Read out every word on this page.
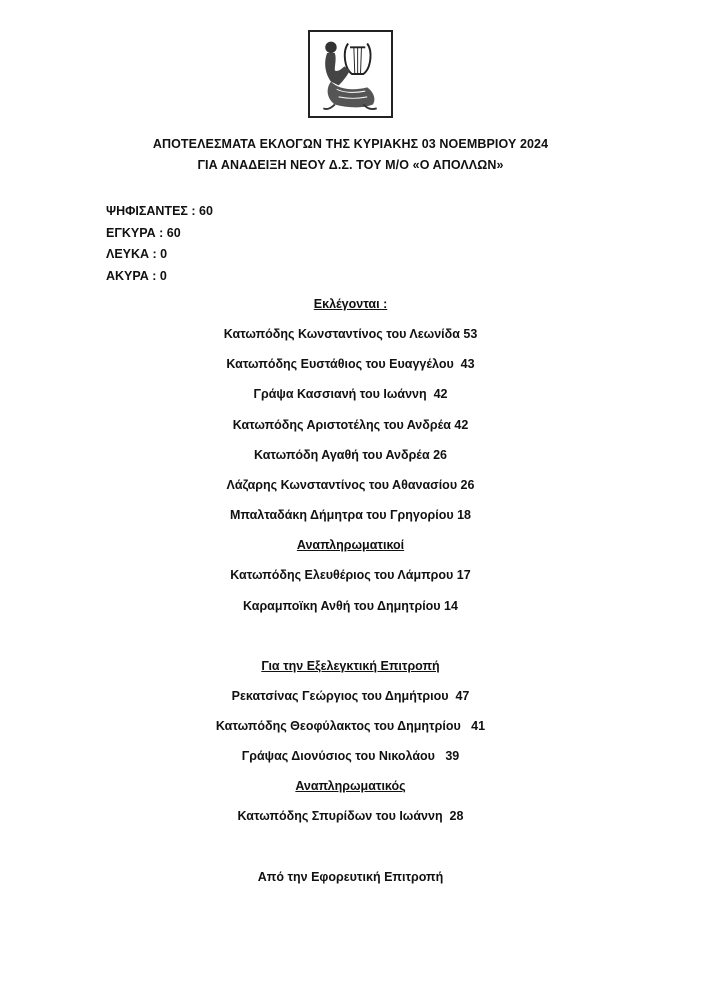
ΑΠΟΤΕΛΕΣΜΑΤΑ ΕΚΛΟΓΩΝ ΤΗΣ ΚΥΡΙΑΚΗΣ 03 ΝΟΕΜΒΡΙΟΥ 2024
ΓΙΑ ΑΝΑΔΕΙΞΗ ΝΕΟΥ Δ.Σ. ΤΟΥ Μ/Ο «Ο ΑΠΟΛΛΩΝ»
ΨΗΦΙΣΑΝΤΕΣ : 60
ΕΓΚΥΡΑ : 60
ΛΕΥΚΑ : 0
ΑΚΥΡΑ : 0
Εκλέγονται :
Κατωπόδης Κωνσταντίνος του Λεωνίδα 53
Κατωπόδης Ευστάθιος του Ευαγγέλου  43
Γράψα Κασσιανή του Ιωάννη  42
Κατωπόδης Αριστοτέλης του Ανδρέα 42
Κατωπόδη Αγαθή του Ανδρέα 26
Λάζαρης Κωνσταντίνος του Αθανασίου 26
Μπαλταδάκη Δήμητρα του Γρηγορίου 18
Αναπληρωματικοί
Κατωπόδης Ελευθέριος του Λάμπρου 17
Καραμποϊκη Ανθή του Δημητρίου 14
Για την Εξελεγκτική Επιτροπή
Ρεκατσίνας Γεώργιος του Δημήτριου  47
Κατωπόδης Θεοφύλακτος του Δημητρίου   41
Γράψας Διονύσιος του Νικολάου   39
Αναπληρωματικός
Κατωπόδης Σπυρίδων του Ιωάννη  28
Από την Εφορευτική Επιτροπή
